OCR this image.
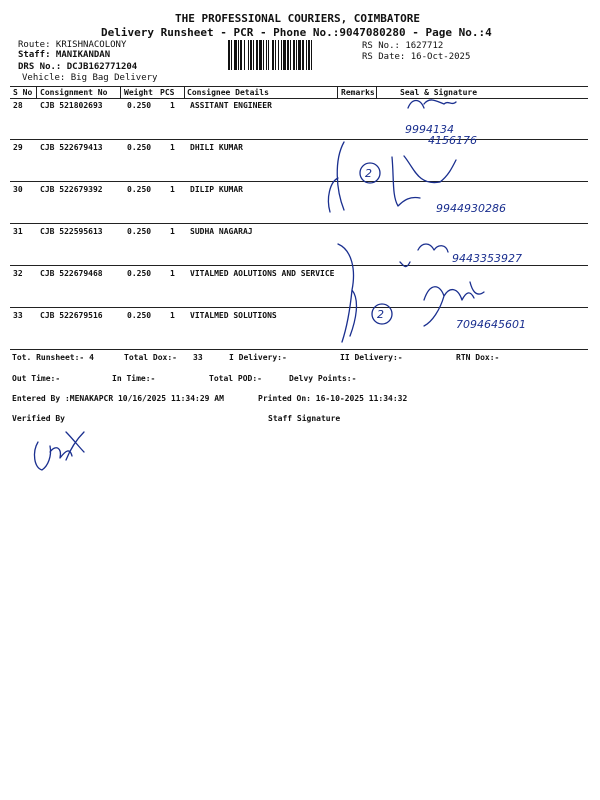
THE PROFESSIONAL COURIERS, COIMBATORE
Delivery Runsheet - PCR - Phone No.:9047080280 - Page No.:4
Route: KRISHNACOLONY
Staff: MANIKANDAN
DRS No.: DCJB162771204
Vehicle: Big Bag Delivery
RS No.: 1627712
RS Date: 16-Oct-2025
S No Consignment No Weight PCS Consignee Details	Remarks	Seal & Signature
28 CJB 521802693	0.250 1 ASSITANT ENGINEER
29 CJB 522679413	0.250 1 DHILI KUMAR
30 CJB 522679392	0.250 1 DILIP KUMAR
31 CJB 522595613	0.250 1 SUDHA NAGARAJ
32 CJB 522679468	0.250 1 VITALMED AOLUTIONS AND SERVICE
33 CJB 522679516	0.250 1 VITALMED SOLUTIONS
Tot. Runsheet:- 4	Total Dox:- 33	I Delivery:-	II Delivery:-	RTN Dox:-
Out Time:-	In Time:-	Total POD:-	Delvy Points:-
Entered By :MENAKAPCR 10/16/2025 11:34:29 AM	Printed On: 16-10-2025 11:34:32
Verified By	Staff Signature
9994134
4156176
2
9944930286
9443353927
2
7094645601
